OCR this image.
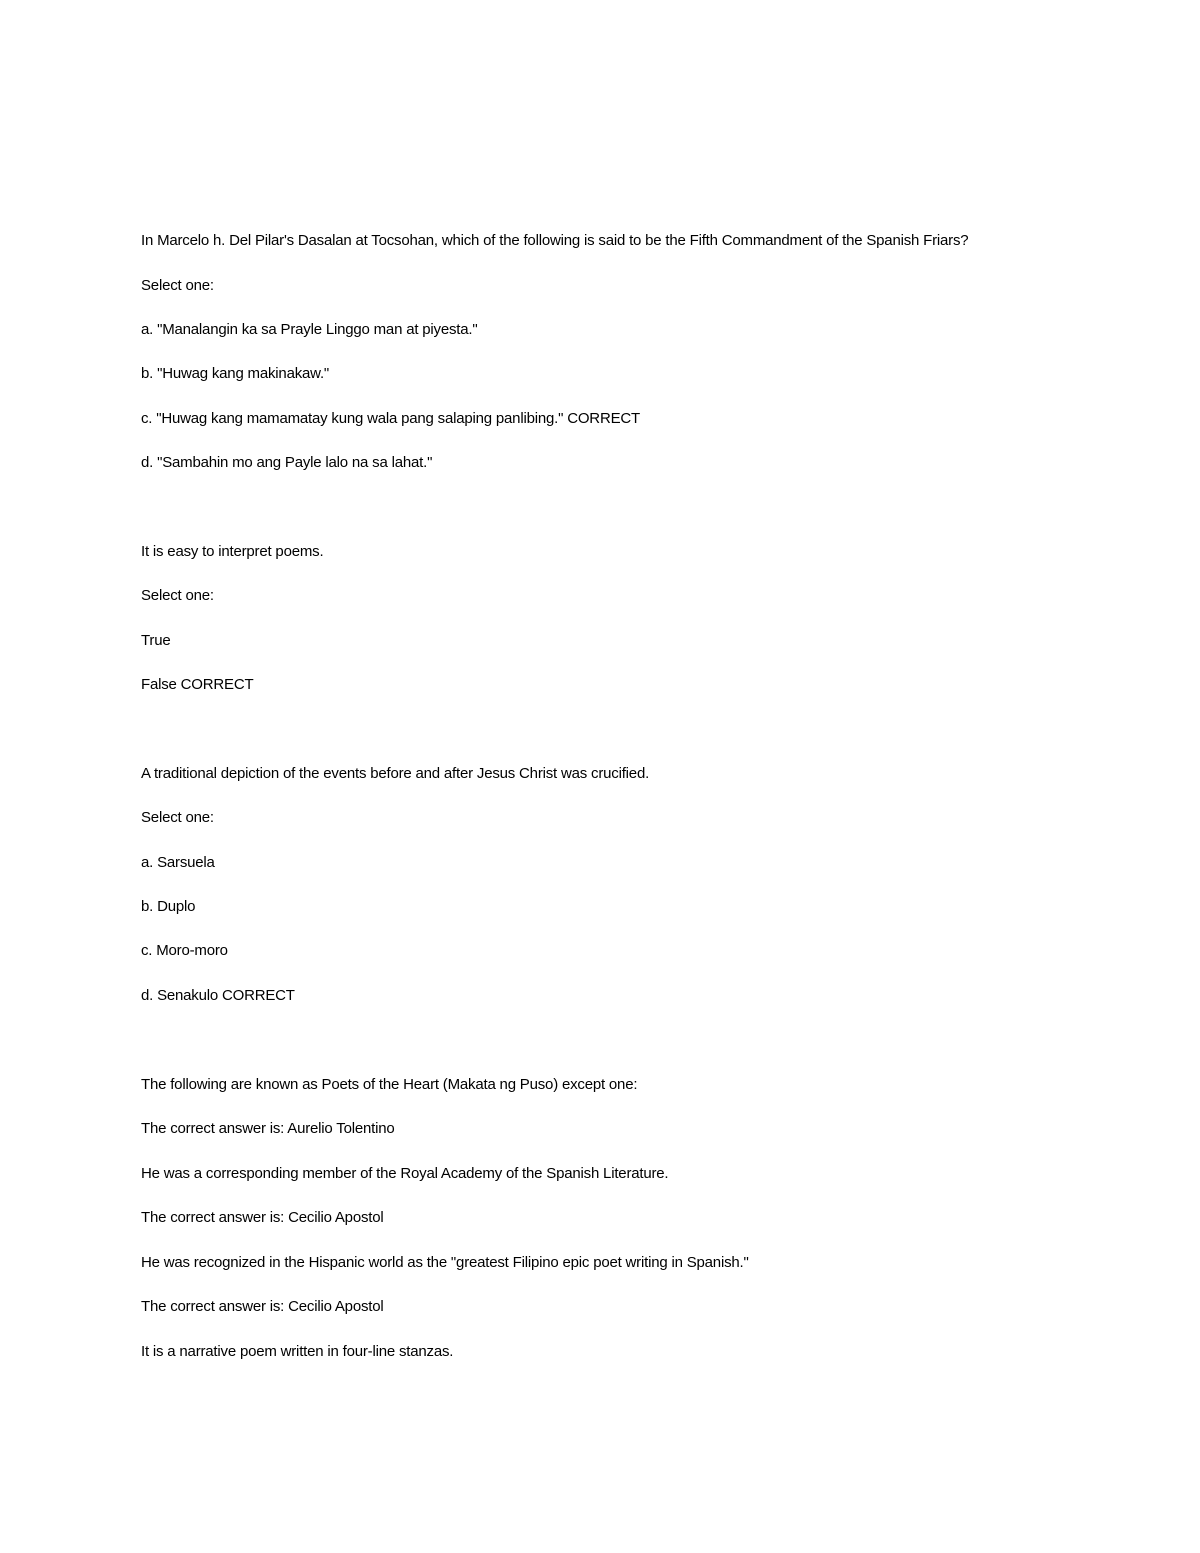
In Marcelo h. Del Pilar's Dasalan at Tocsohan, which of the following is said to be the Fifth Commandment of the Spanish Friars?
Select one:
a. "Manalangin ka sa Prayle Linggo man at piyesta."
b. "Huwag kang makinakaw."
c. "Huwag kang mamamatay kung wala pang salaping panlibing." CORRECT
d. "Sambahin mo ang Payle lalo na sa lahat."
It is easy to interpret poems.
Select one:
True
False CORRECT
A traditional depiction of the events before and after Jesus Christ was crucified.
Select one:
a. Sarsuela
b. Duplo
c. Moro-moro
d. Senakulo CORRECT
The following are known as Poets of the Heart (Makata ng Puso) except one:
The correct answer is: Aurelio Tolentino
He was a corresponding member of the Royal Academy of the Spanish Literature.
The correct answer is: Cecilio Apostol
He was recognized in the Hispanic world as the "greatest Filipino epic poet writing in Spanish."
The correct answer is: Cecilio Apostol
It is a narrative poem written in four-line stanzas.
